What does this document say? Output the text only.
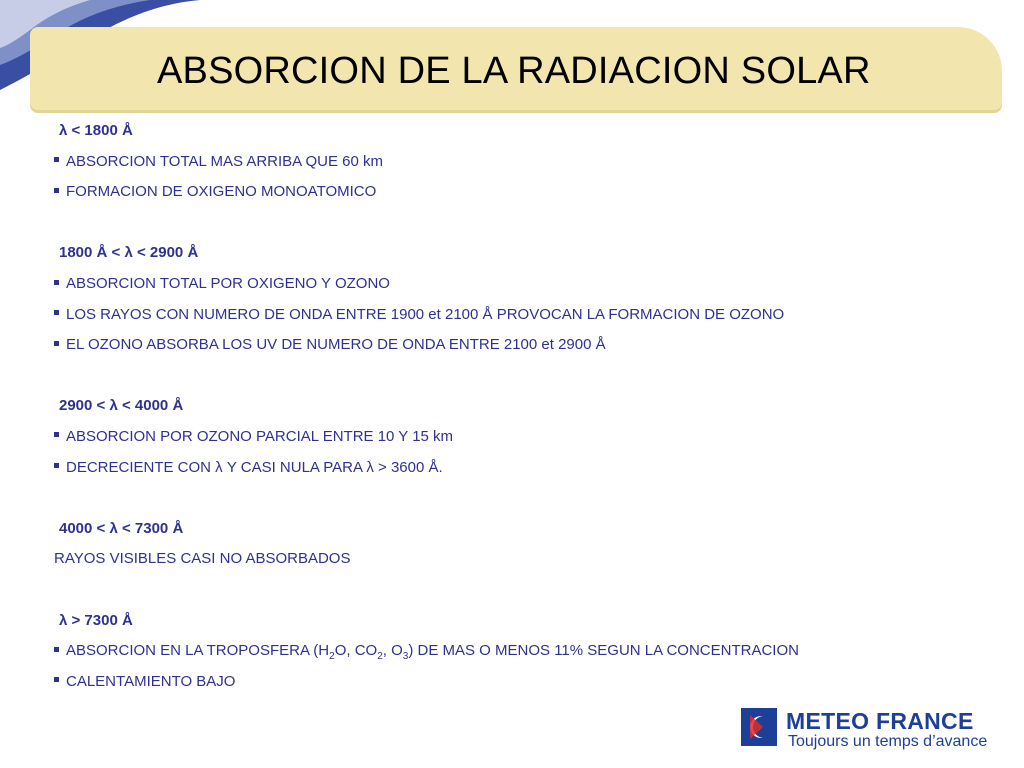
ABSORCION DE LA RADIACION SOLAR
λ < 1800 Å
ABSORCION TOTAL MAS ARRIBA QUE 60 km
FORMACION DE OXIGENO MONOATOMICO
1800 Å < λ < 2900 Å
ABSORCION TOTAL POR OXIGENO Y OZONO
LOS RAYOS CON NUMERO DE ONDA ENTRE 1900 et 2100 Å PROVOCAN LA FORMACION DE OZONO
EL OZONO ABSORBA LOS UV DE NUMERO DE ONDA ENTRE 2100 et 2900 Å
2900 < λ < 4000 Å
ABSORCION POR OZONO PARCIAL ENTRE 10 Y 15 km
DECRECIENTE CON λ Y CASI NULA PARA λ > 3600 Å.
4000 < λ < 7300 Å
RAYOS VISIBLES CASI NO ABSORBADOS
λ > 7300 Å
ABSORCION EN LA TROPOSFERA ($H_2O$, $CO_2$, $O_3$) DE MAS O MENOS 11% SEGUN LA CONCENTRACION
CALENTAMIENTO BAJO
METEO FRANCE
Toujours un temps d’avance
